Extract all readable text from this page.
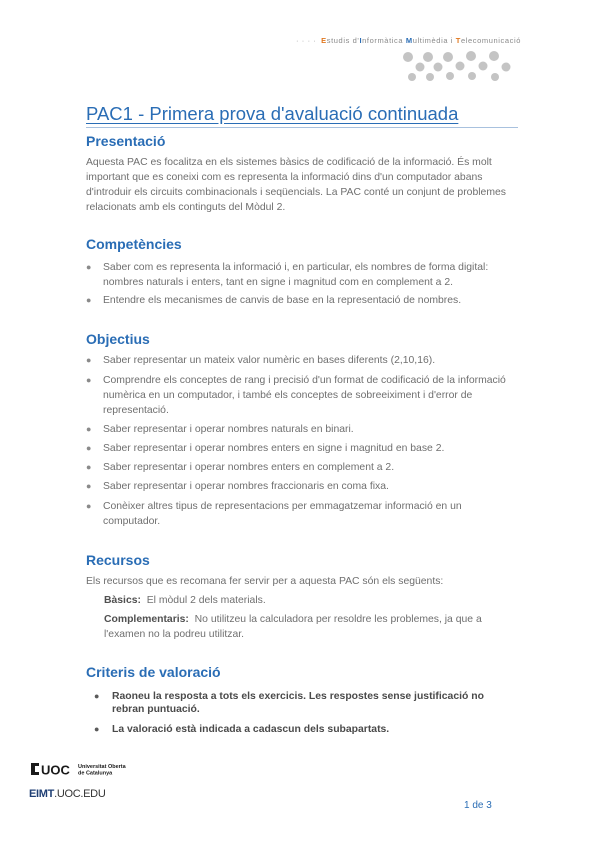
· · · · Estudis d'Informàtica Multimèdia i Telecomunicació
PAC1 - Primera prova d'avaluació continuada
Presentació
Aquesta PAC es focalitza en els sistemes bàsics de codificació de la informació. És molt important que es coneixi com es representa la informació dins d'un computador abans d'introduir els circuits combinacionals i seqüencials. La PAC conté un conjunt de problemes relacionats amb els continguts del Mòdul 2.
Competències
● Saber com es representa la informació i, en particular, els nombres de forma digital: nombres naturals i enters, tant en signe i magnitud com en complement a 2.
● Entendre els mecanismes de canvis de base en la representació de nombres.
Objectius
● Saber representar un mateix valor numèric en bases diferents (2,10,16).
● Comprendre els conceptes de rang i precisió d'un format de codificació de la informació numèrica en un computador, i també els conceptes de sobreeiximent i d'error de representació.
● Saber representar i operar nombres naturals en binari.
● Saber representar i operar nombres enters en signe i magnitud en base 2.
● Saber representar i operar nombres enters en complement a 2.
● Saber representar i operar nombres fraccionaris en coma fixa.
● Conèixer altres tipus de representacions per emmagatzemar informació en un computador.
Recursos
Els recursos que es recomana fer servir per a aquesta PAC són els següents:
Bàsics: El mòdul 2 dels materials.
Complementaris: No utilitzeu la calculadora per resoldre les problemes, ja que a l'examen no la podreu utilitzar.
Criteris de valoració
● Raoneu la resposta a tots els exercicis. Les respostes sense justificació no rebran puntuació.
● La valoració està indicada a cadascun dels subapartats.
UOC Universitat Oberta
de Catalunya
EIMT.UOC.EDU
1 de 3
